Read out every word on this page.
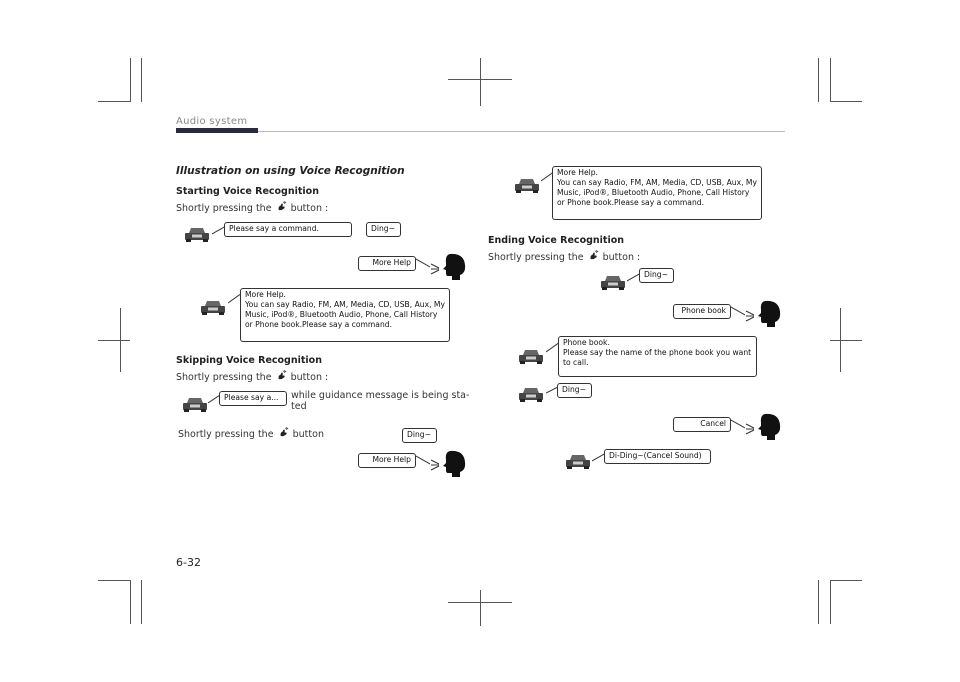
Audio system
Illustration on using Voice Recognition
Starting Voice Recognition
Shortly pressing the button :

Please say a command.	Ding~

More Help

More Help.

You can say Radio, FM, AM, Media, CD, USB, Aux, My Music, iPod®, Bluetooth Audio, Phone, Call History or Phone book.Please say a command.

Skipping Voice Recognition
Shortly pressing the button :

Please say a...	while guidance message is being sta-ted
Shortly pressing the button	Ding~

More Help

More Help.

You can say Radio, FM, AM, Media, CD, USB, Aux, My Music, iPod®, Bluetooth Audio, Phone, Call History or Phone book.Please say a command.

Ending Voice Recognition
Shortly pressing the button :

Ding~

Phone book

Phone book.

Please say the name of the phone book you want to call.

Ding~

Cancel

Di-Ding~(Cancel Sound)

6-32
